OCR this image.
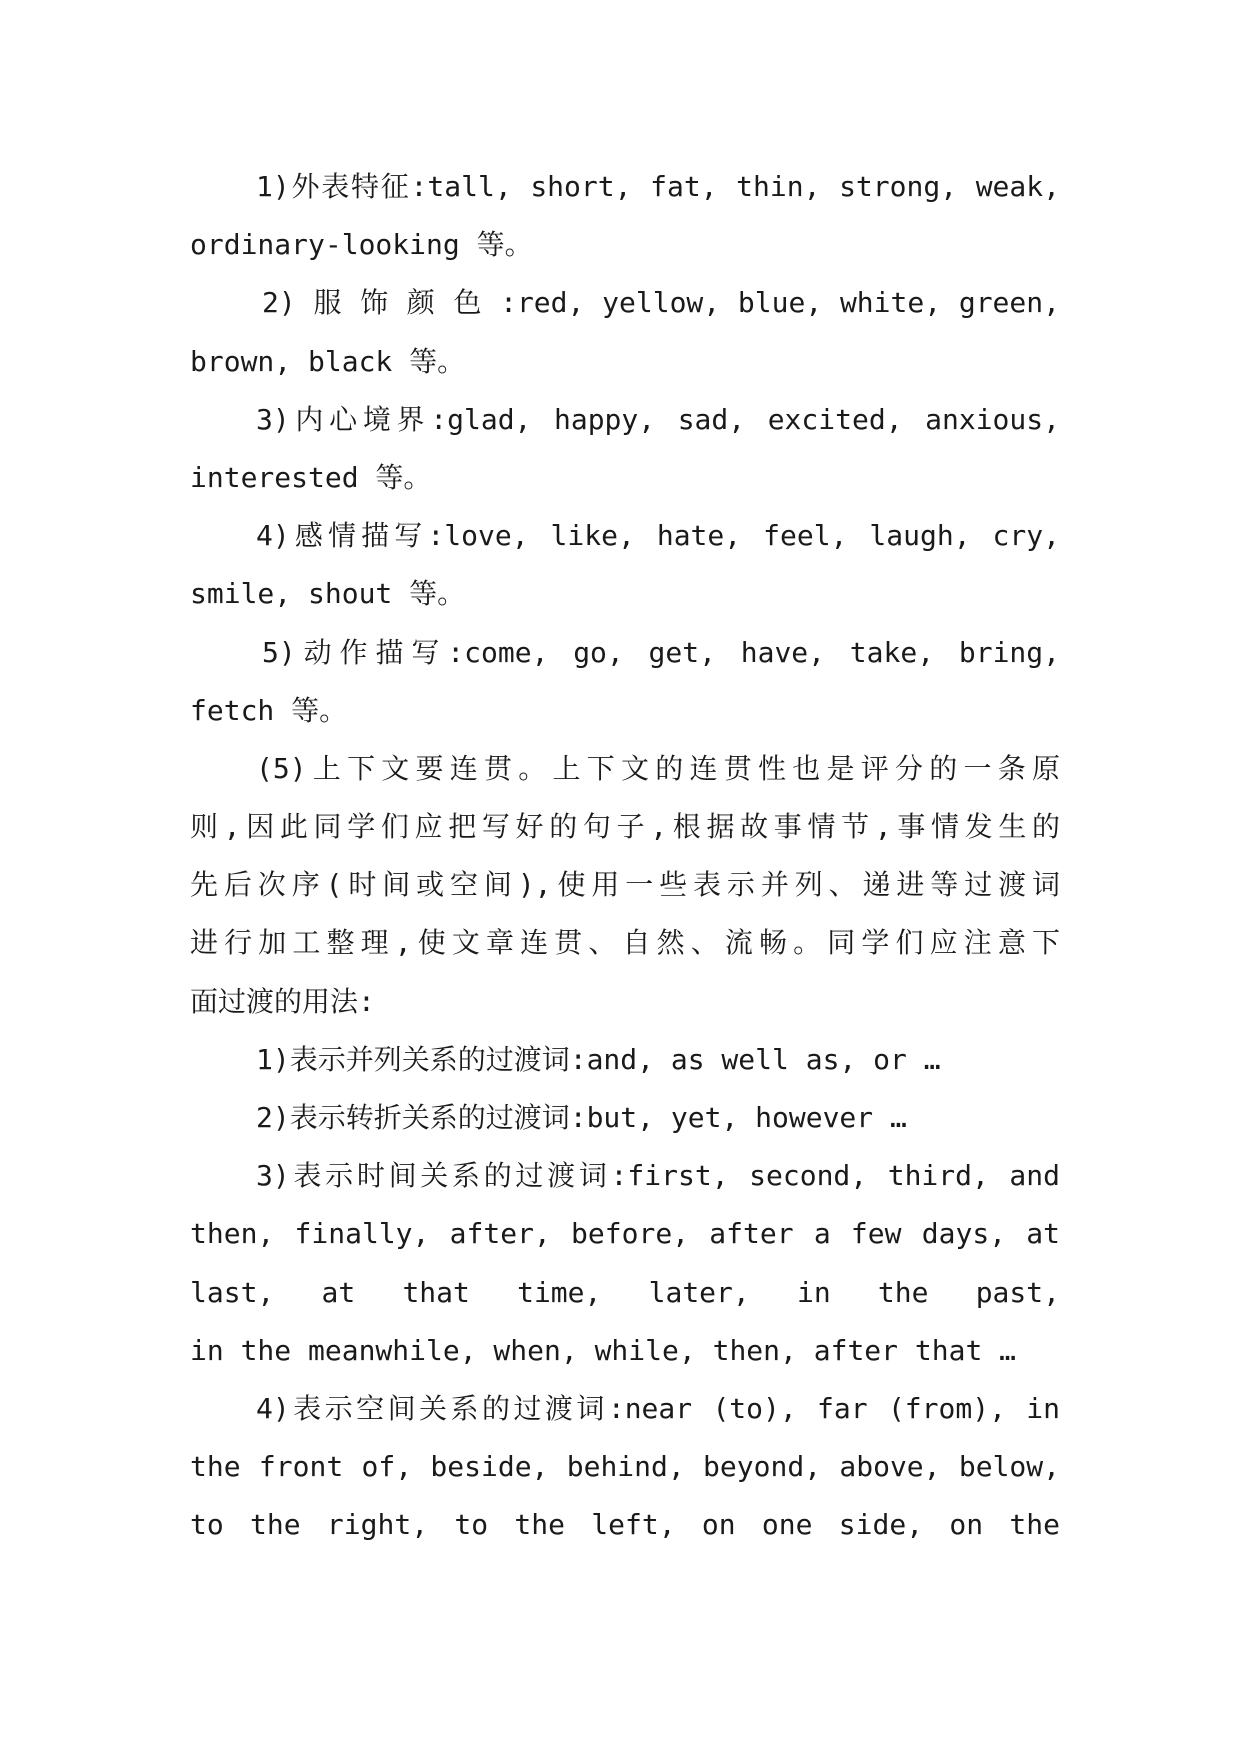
1)外表特征:tall, short, fat, thin, strong, weak,
ordinary-looking 等。
2) 服 饰 颜 色 :red, yellow, blue, white, green,
brown, black 等。
3)内心境界:glad, happy, sad, excited, anxious,
interested 等。
4)感情描写:love, like, hate, feel, laugh, cry,
smile, shout 等。
5)动作描写:come, go, get, have, take, bring,
fetch 等。
(5)上下文要连贯。上下文的连贯性也是评分的一条原
则,因此同学们应把写好的句子,根据故事情节,事情发生的
先后次序(时间或空间),使用一些表示并列、递进等过渡词
进行加工整理,使文章连贯、自然、流畅。同学们应注意下
面过渡的用法:
1)表示并列关系的过渡词:and, as well as, or …
2)表示转折关系的过渡词:but, yet, however …
3)表示时间关系的过渡词:first, second, third, and
then, finally, after, before, after a few days, at
last, at that time, later, in the past,
in the meanwhile, when, while, then, after that …
4)表示空间关系的过渡词:near (to), far (from), in
the front of, beside, behind, beyond, above, below,
to the right, to the left, on one side, on the
